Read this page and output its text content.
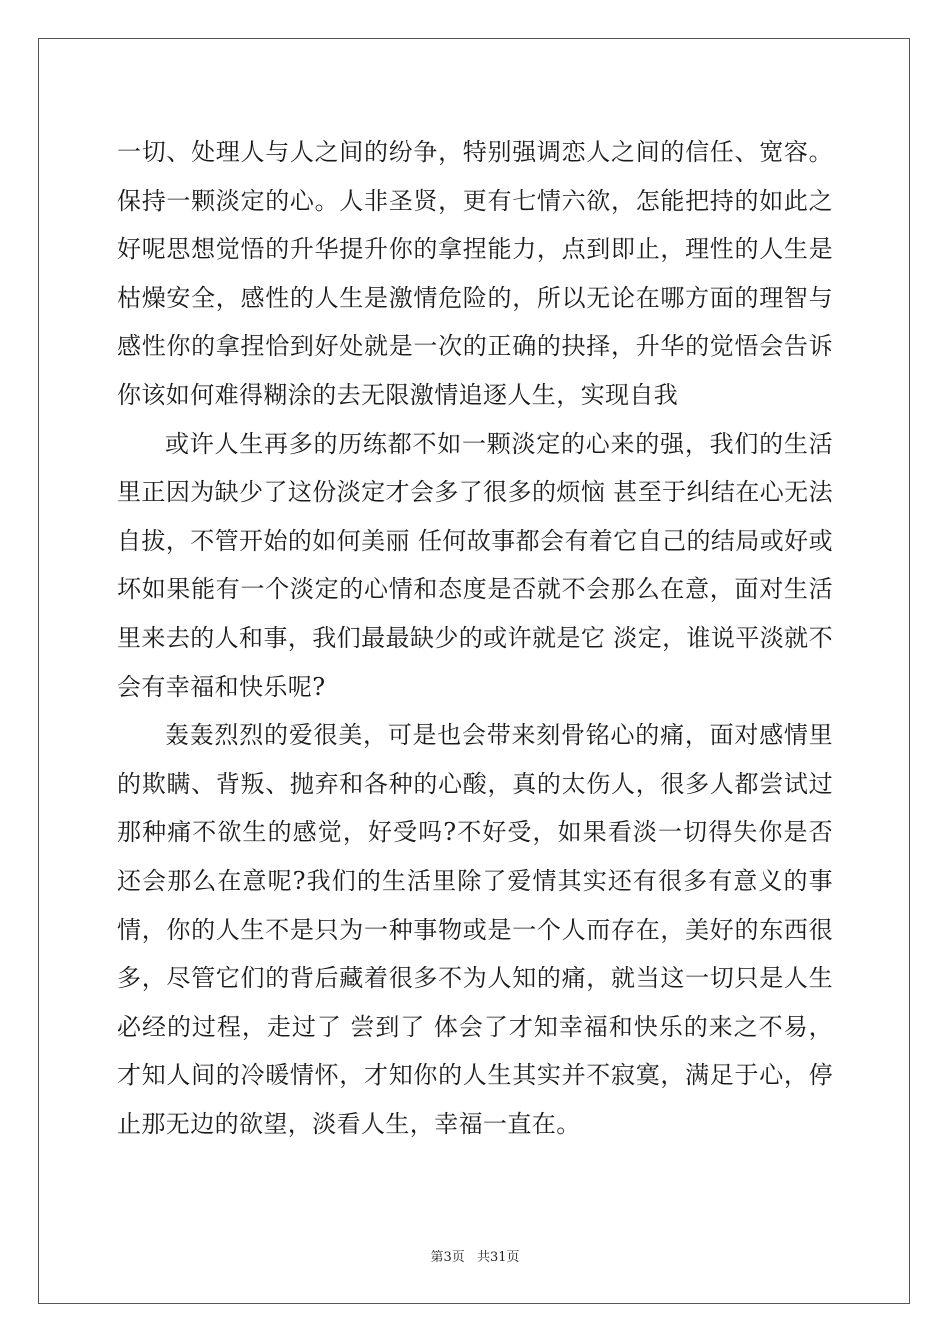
一切、处理人与人之间的纷争，特别强调恋人之间的信任、宽容。保持一颗淡定的心。人非圣贤，更有七情六欲，怎能把持的如此之好呢思想觉悟的升华提升你的拿捏能力，点到即止，理性的人生是枯燥安全，感性的人生是激情危险的，所以无论在哪方面的理智与感性你的拿捏恰到好处就是一次的正确的抉择，升华的觉悟会告诉你该如何难得糊涂的去无限激情追逐人生，实现自我

或许人生再多的历练都不如一颗淡定的心来的强，我们的生活里正因为缺少了这份淡定才会多了很多的烦恼 甚至于纠结在心无法自拔，不管开始的如何美丽 任何故事都会有着它自己的结局或好或坏如果能有一个淡定的心情和态度是否就不会那么在意，面对生活里来去的人和事，我们最最缺少的或许就是它 淡定，谁说平淡就不会有幸福和快乐呢?

轰轰烈烈的爱很美，可是也会带来刻骨铭心的痛，面对感情里的欺瞒、背叛、抛弃和各种的心酸，真的太伤人，很多人都尝试过那种痛不欲生的感觉，好受吗?不好受，如果看淡一切得失你是否还会那么在意呢?我们的生活里除了爱情其实还有很多有意义的事情，你的人生不是只为一种事物或是一个人而存在，美好的东西很多，尽管它们的背后藏着很多不为人知的痛，就当这一切只是人生必经的过程，走过了 尝到了 体会了才知幸福和快乐的来之不易，才知人间的冷暖情怀，才知你的人生其实并不寂寞，满足于心，停止那无边的欲望，淡看人生，幸福一直在。

第3页 共31页
